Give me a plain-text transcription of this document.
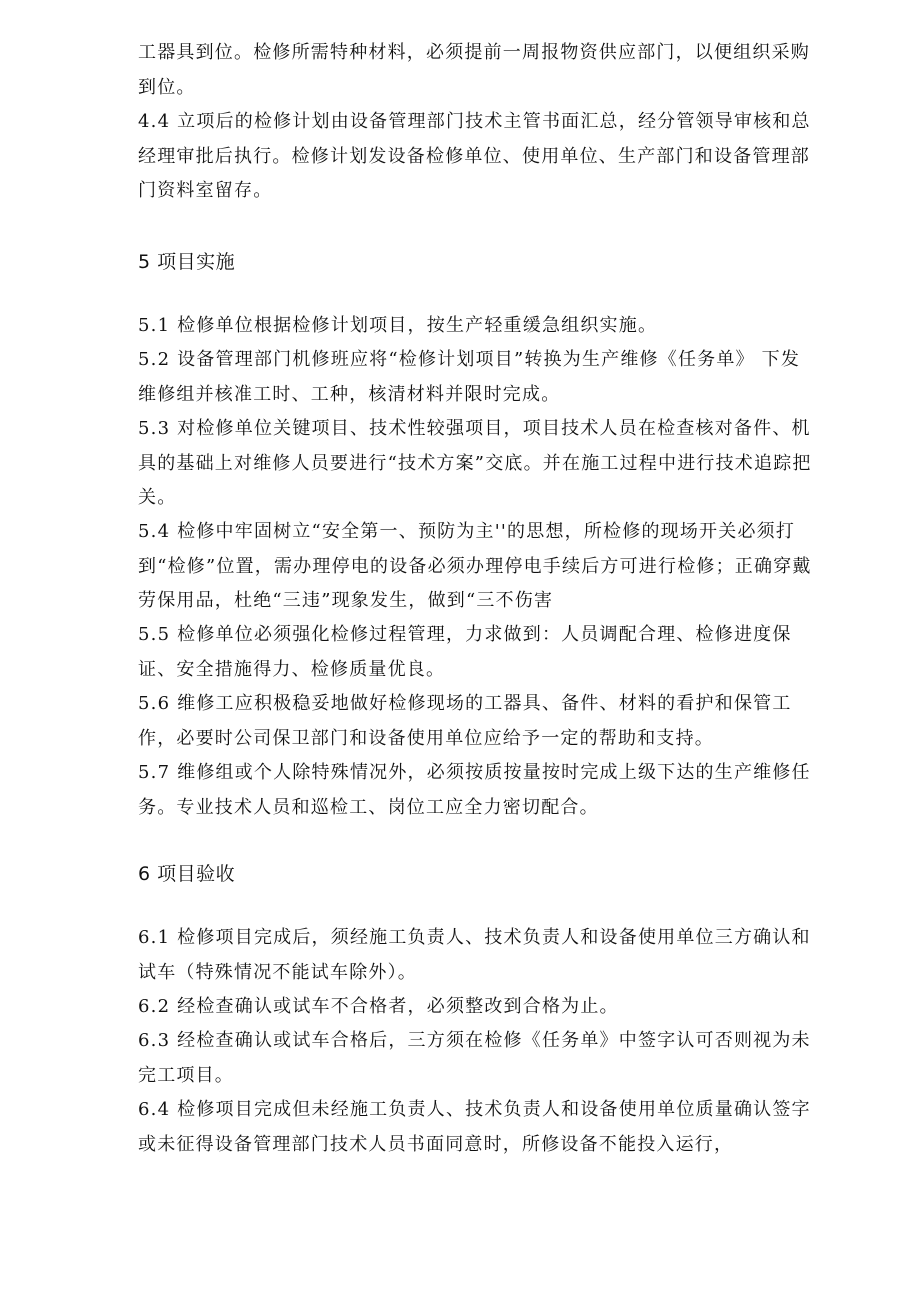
工器具到位。检修所需特种材料，必须提前一周报物资供应部门，以便组织采购到位。
4.4 立项后的检修计划由设备管理部门技术主管书面汇总，经分管领导审核和总经理审批后执行。检修计划发设备检修单位、使用单位、生产部门和设备管理部门资料室留存。
5 项目实施
5.1 检修单位根据检修计划项目，按生产轻重缓急组织实施。
5.2 设备管理部门机修班应将“检修计划项目”转换为生产维修《任务单》 下发维修组并核准工时、工种，核清材料并限时完成。
5.3 对检修单位关键项目、技术性较强项目，项目技术人员在检查核对备件、机具的基础上对维修人员要进行“技术方案”交底。并在施工过程中进行技术追踪把关。
5.4 检修中牢固树立“安全第一、预防为主''的思想，所检修的现场开关必须打到“检修”位置，需办理停电的设备必须办理停电手续后方可进行检修；正确穿戴劳保用品，杜绝“三违”现象发生，做到“三不伤害
5.5 检修单位必须强化检修过程管理，力求做到：人员调配合理、检修进度保证、安全措施得力、检修质量优良。
5.6 维修工应积极稳妥地做好检修现场的工器具、备件、材料的看护和保管工作，必要时公司保卫部门和设备使用单位应给予一定的帮助和支持。
5.7 维修组或个人除特殊情况外，必须按质按量按时完成上级下达的生产维修任务。专业技术人员和巡检工、岗位工应全力密切配合。
6 项目验收
6.1 检修项目完成后，须经施工负责人、技术负责人和设备使用单位三方确认和试车（特殊情况不能试车除外）。
6.2 经检查确认或试车不合格者，必须整改到合格为止。
6.3 经检查确认或试车合格后，三方须在检修《任务单》中签字认可否则视为未完工项目。
6.4 检修项目完成但未经施工负责人、技术负责人和设备使用单位质量确认签字或未征得设备管理部门技术人员书面同意时，所修设备不能投入运行，
